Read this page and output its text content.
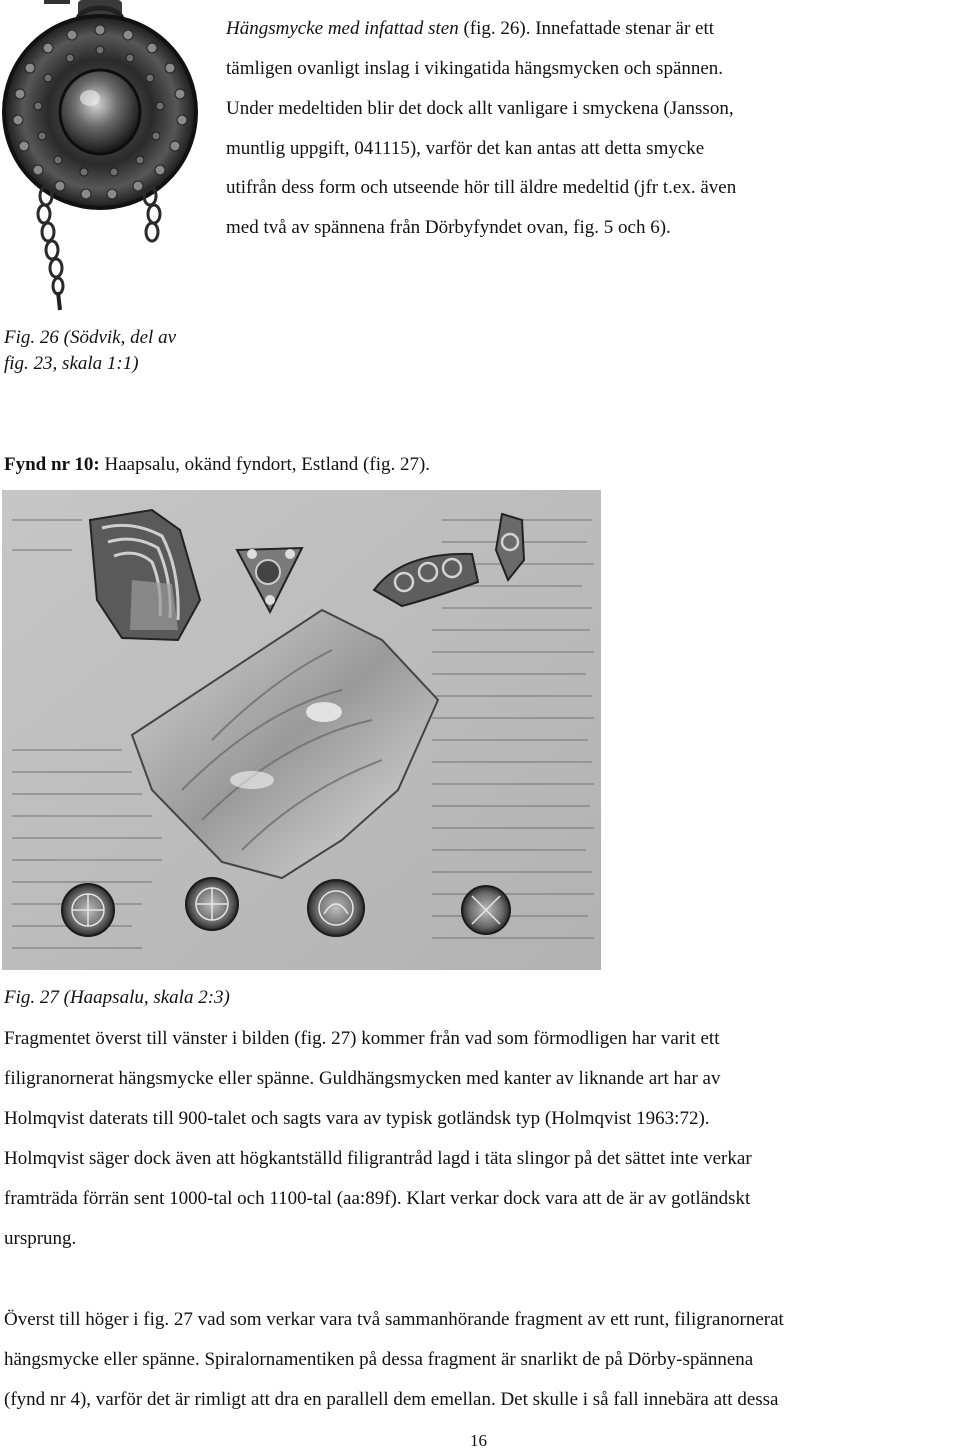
Hängsmycke med infattad sten (fig. 26). Innefattade stenar är ett
tämligen ovanligt inslag i vikingatida hängsmycken och spännen.
Under medeltiden blir det dock allt vanligare i smyckena (Jansson,
muntlig uppgift, 041115), varför det kan antas att detta smycke
utifrån dess form och utseende hör till äldre medeltid (jfr t.ex. även
med två av spännena från Dörbyfyndet ovan, fig. 5 och 6).
Fig. 26 (Södvik, del av
fig. 23, skala 1:1)
Fynd nr 10: Haapsalu, okänd fyndort, Estland (fig. 27).
Fig. 27 (Haapsalu, skala 2:3)
Fragmentet överst till vänster i bilden (fig. 27) kommer från vad som förmodligen har varit ett
filigranornerat hängsmycke eller spänne. Guldhängsmycken med kanter av liknande art har av
Holmqvist daterats till 900-talet och sagts vara av typisk gotländsk typ (Holmqvist 1963:72).
Holmqvist säger dock även att högkantställd filigrantråd lagd i täta slingor på det sättet inte verkar
framträda förrän sent 1000-tal och 1100-tal (aa:89f). Klart verkar dock vara att de är av gotländskt
ursprung.
Överst till höger i fig. 27 vad som verkar vara två sammanhörande fragment av ett runt, filigranornerat
hängsmycke eller spänne. Spiralornamentiken på dessa fragment är snarlikt de på Dörby-spännena
(fynd nr 4), varför det är rimligt att dra en parallell dem emellan. Det skulle i så fall innebära att dessa
16
